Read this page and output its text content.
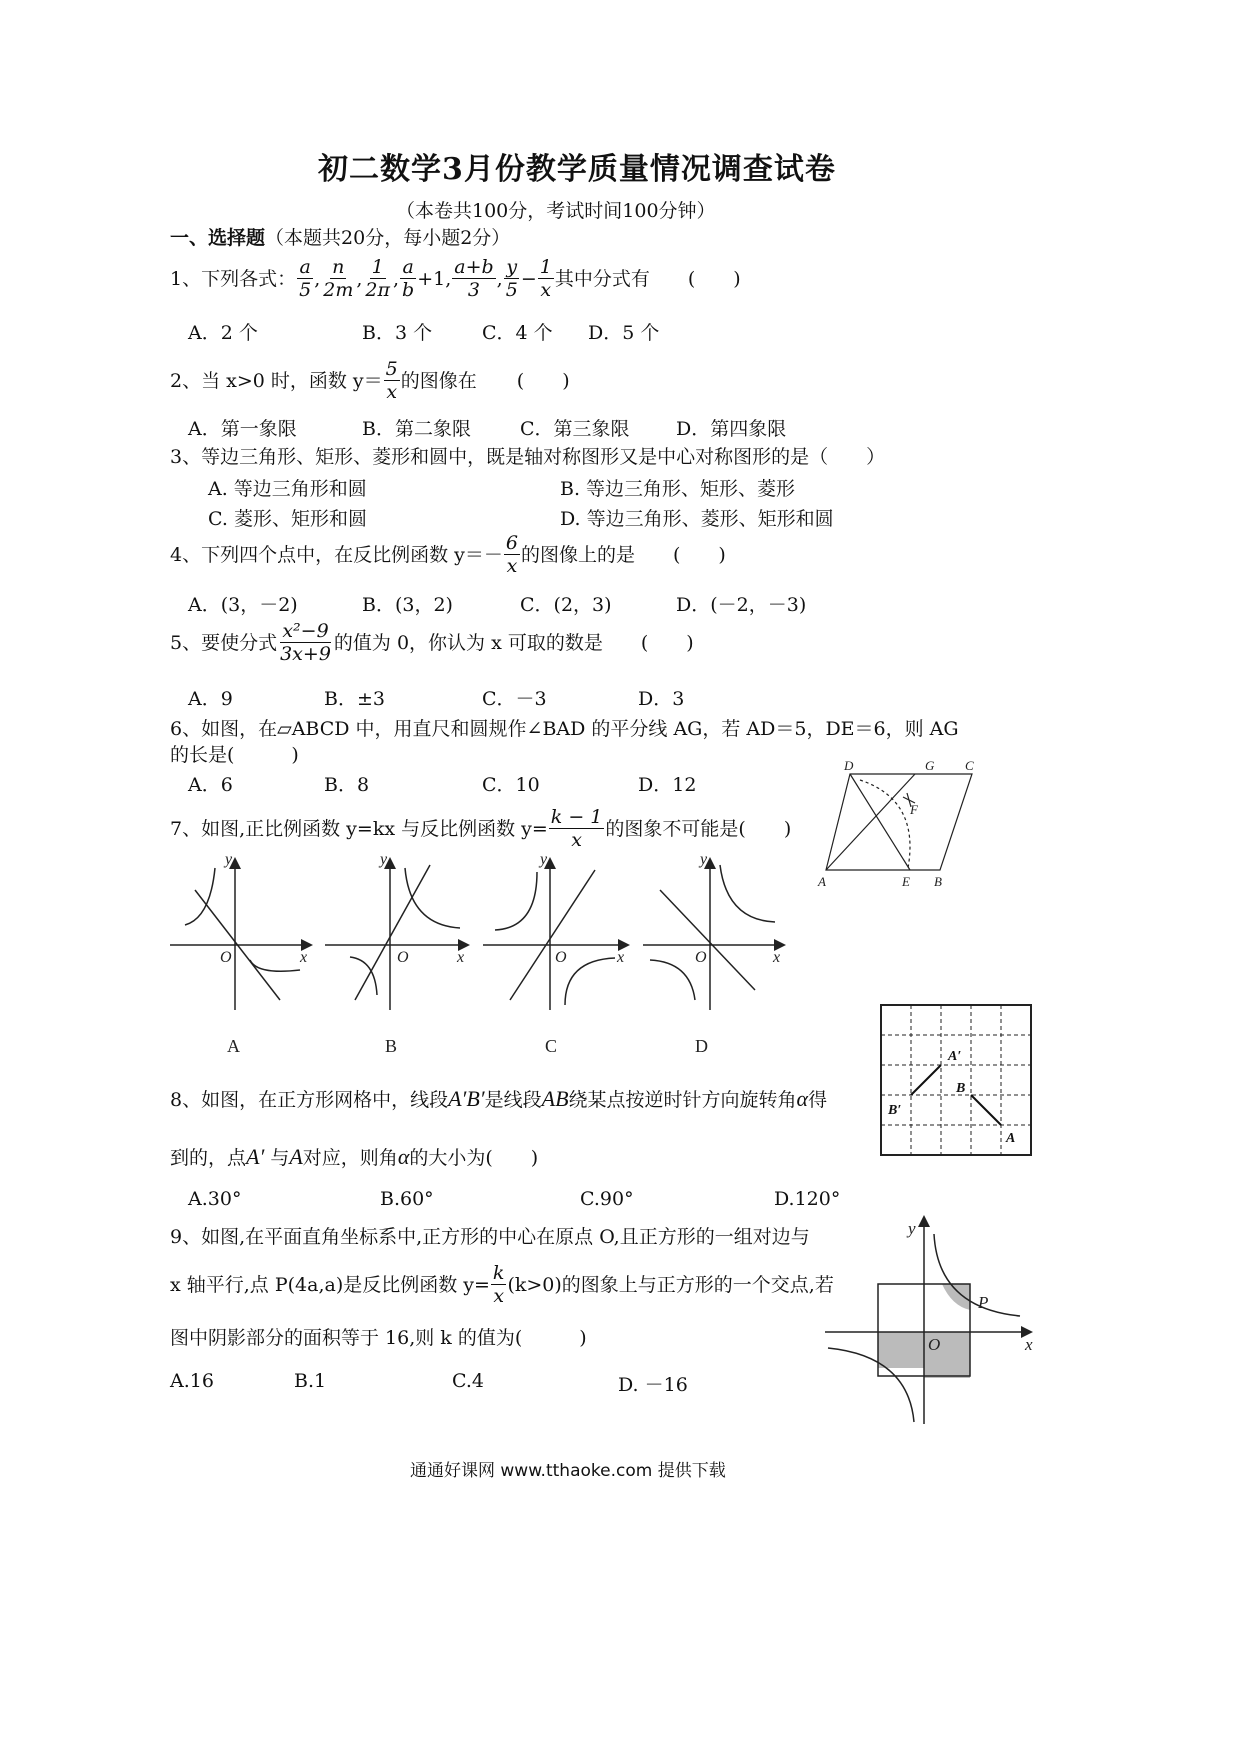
初二数学3月份教学质量情况调查试卷
（本卷共100分，考试时间100分钟）
一、选择题（本题共20分，每小题2分）
1、下列各式： $\frac{a}{5}$ , $\frac{n}{2m}$ , $\frac{1}{2\pi}$ , $\frac{a}{b} +1$, $\frac{a+b}{3}$ , $\frac{y}{5} - \frac{1}{x}$ 其中分式有 (　　)
A．2 个	B．3 个	C．4 个 D．5 个
2、当 x>0 时，函数 $y= \frac{5}{x}$ 的图像在 (　　)
A．第一象限	B．第二象限	C．第三象限 D．第四象限
3、等边三角形、矩形、菱形和圆中，既是轴对称图形又是中心对称图形的是（　　）
A. 等边三角形和圆	B. 等边三角形、矩形、菱形
C. 菱形、矩形和圆	D. 等边三角形、菱形、矩形和圆
4、下列四个点中，在反比例函数 $y=- \frac{6}{x}$ 的图像上的是 (　　)
A．(3，－2)	B．(3，2)	C．(2，3)	D．(－2，－3)
5、要使分式 $\frac{\text{x²−9}}{3x+9}$ 的值为 0，你认为 x 可取的数是 (　　)
A．9	B．±3	C．－3	D．3
6、如图，在▱ABCD 中，用直尺和圆规作∠BAD 的平分线 AG，若 AD＝5，DE＝6，则 AG
的长是(　　　)
A．6	B．8	C．10	D．12
D	G C
F
A	E B
7、如图,正比例函数 y=kx 与反比例函数 $y= \frac{k - 1}{x}$ 的图象不可能是(　　)
y
x
O
y
x
O
y
x
O
y
x
O
A	B	C	D
8、如图，在正方形网格中，线段A′B′是线段AB绕某点按逆时针方向旋转角α得
到的，点A′ 与A对应，则角α的大小为(　　)
A.30°	B.60°	C.90°	D.120°
A′
B
B′
A
9、如图,在平面直角坐标系中,正方形的中心在原点 O,且正方形的一组对边与
x 轴平行,点 P(4a,a)是反比例函数 $y= \frac{k}{x} (k>0)$的图象上与正方形的一个交点,若
图中阴影部分的面积等于 16,则 k 的值为(　　　)
A.16	B.1	C.4	D. －16
y
x
O
P
通通好课网 www.tthaoke.com 提供下载
